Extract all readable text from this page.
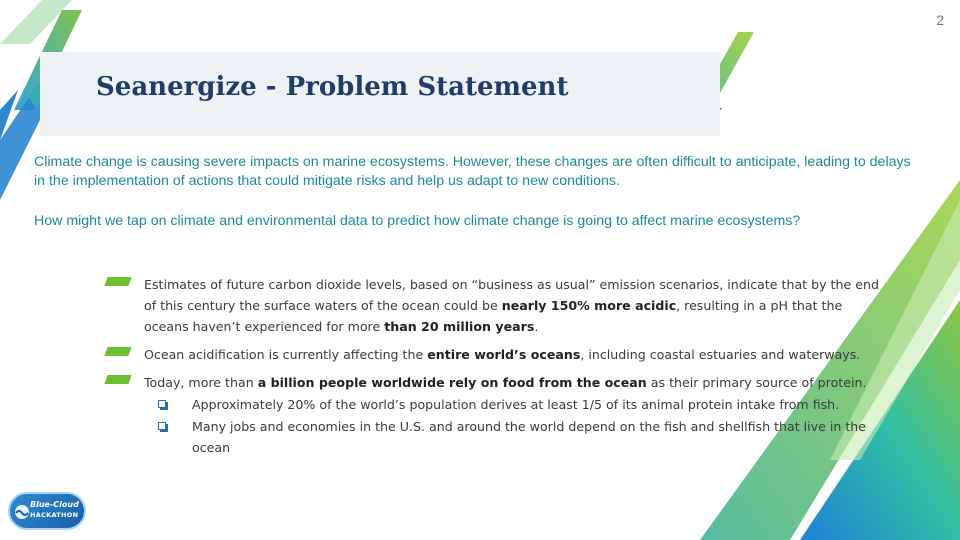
2
Seanergize - Problem Statement

Climate change is causing severe impacts on marine ecosystems. However, these changes are often difficult to anticipate, leading to delays in the implementation of actions that could mitigate risks and help us adapt to new conditions.

How might we tap on climate and environmental data to predict how climate change is going to affect marine ecosystems?

Estimates of future carbon dioxide levels, based on “business as usual” emission scenarios, indicate that by the end of this century the surface waters of the ocean could be nearly 150% more acidic, resulting in a pH that the oceans haven’t experienced for more than 20 million years.
Ocean acidification is currently affecting the entire world’s oceans, including coastal estuaries and waterways.
Today, more than a billion people worldwide rely on food from the ocean as their primary source of protein.
Approximately 20% of the world’s population derives at least 1/5 of its animal protein intake from fish.
Many jobs and economies in the U.S. and around the world depend on the fish and shellfish that live in the ocean
Blue-Cloud
HACKATHON
